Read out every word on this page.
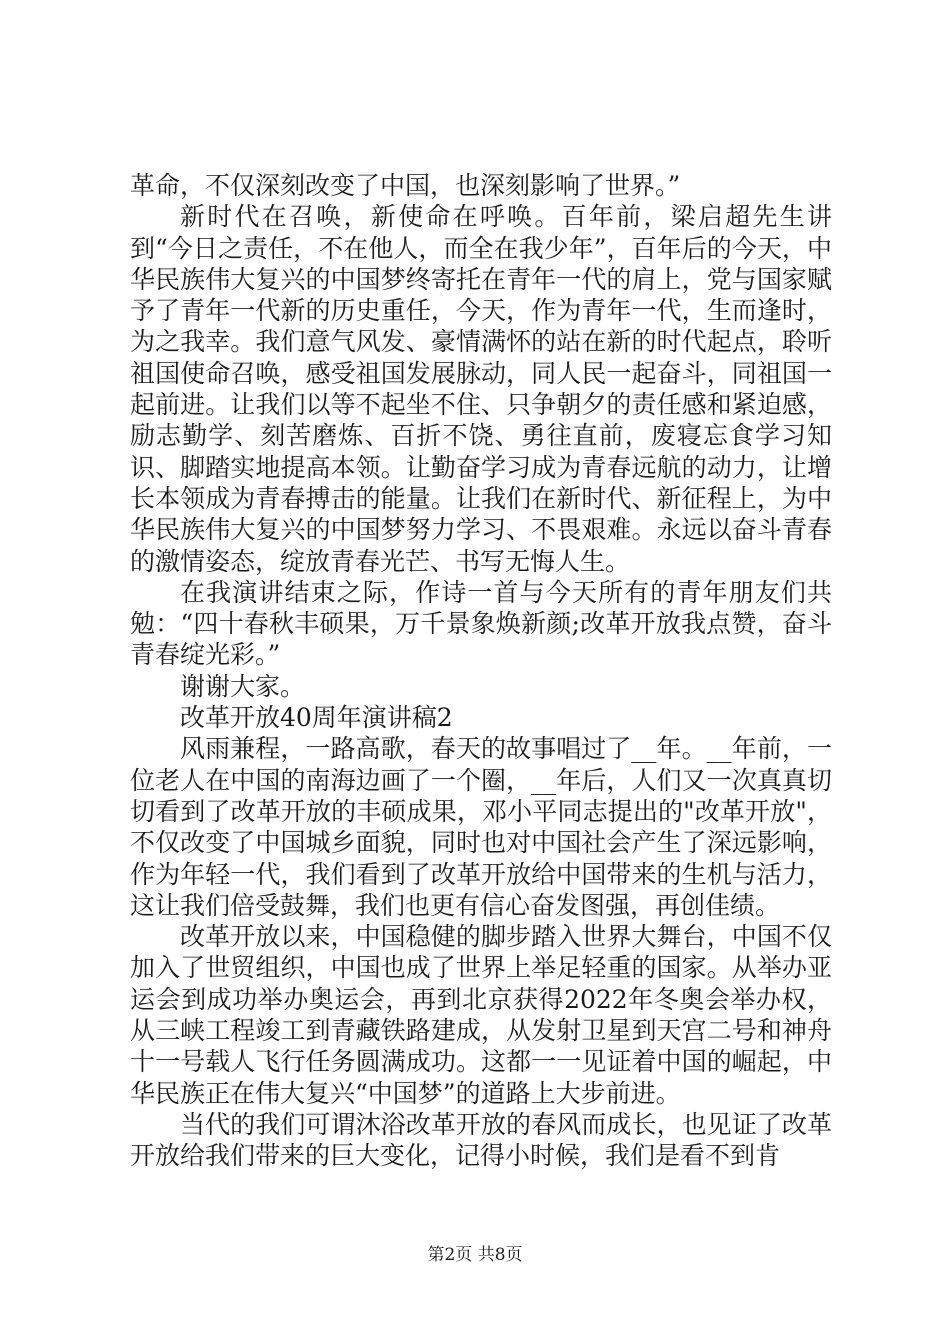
革命，不仅深刻改变了中国，也深刻影响了世界。”

新时代在召唤，新使命在呼唤。百年前，梁启超先生讲到“今日之责任，不在他人，而全在我少年”，百年后的今天，中华民族伟大复兴的中国梦终寄托在青年一代的肩上，党与国家赋予了青年一代新的历史重任，今天，作为青年一代，生而逢时，为之我幸。我们意气风发、豪情满怀的站在新的时代起点，聆听祖国使命召唤，感受祖国发展脉动，同人民一起奋斗，同祖国一起前进。让我们以等不起坐不住、只争朝夕的责任感和紧迫感，励志勤学、刻苦磨炼、百折不饶、勇往直前，废寝忘食学习知识、脚踏实地提高本领。让勤奋学习成为青春远航的动力，让增长本领成为青春搏击的能量。让我们在新时代、新征程上，为中华民族伟大复兴的中国梦努力学习、不畏艰难。永远以奋斗青春的激情姿态，绽放青春光芒、书写无悔人生。

在我演讲结束之际，作诗一首与今天所有的青年朋友们共勉：“四十春秋丰硕果，万千景象焕新颜;改革开放我点赞，奋斗青春绽光彩。”

谢谢大家。

改革开放40周年演讲稿2

风雨兼程，一路高歌，春天的故事唱过了__年。__年前，一位老人在中国的南海边画了一个圈，__年后，人们又一次真真切切看到了改革开放的丰硕成果，邓小平同志提出的"改革开放"，不仅改变了中国城乡面貌，同时也对中国社会产生了深远影响，作为年轻一代，我们看到了改革开放给中国带来的生机与活力，这让我们倍受鼓舞，我们也更有信心奋发图强，再创佳绩。

改革开放以来，中国稳健的脚步踏入世界大舞台，中国不仅加入了世贸组织，中国也成了世界上举足轻重的国家。从举办亚运会到成功举办奥运会，再到北京获得2022年冬奥会举办权，从三峡工程竣工到青藏铁路建成，从发射卫星到天宫二号和神舟十一号载人飞行任务圆满成功。这都一一见证着中国的崛起，中华民族正在伟大复兴“中国梦”的道路上大步前进。

当代的我们可谓沐浴改革开放的春风而成长，也见证了改革开放给我们带来的巨大变化，记得小时候，我们是看不到肯

第2页 共8页
